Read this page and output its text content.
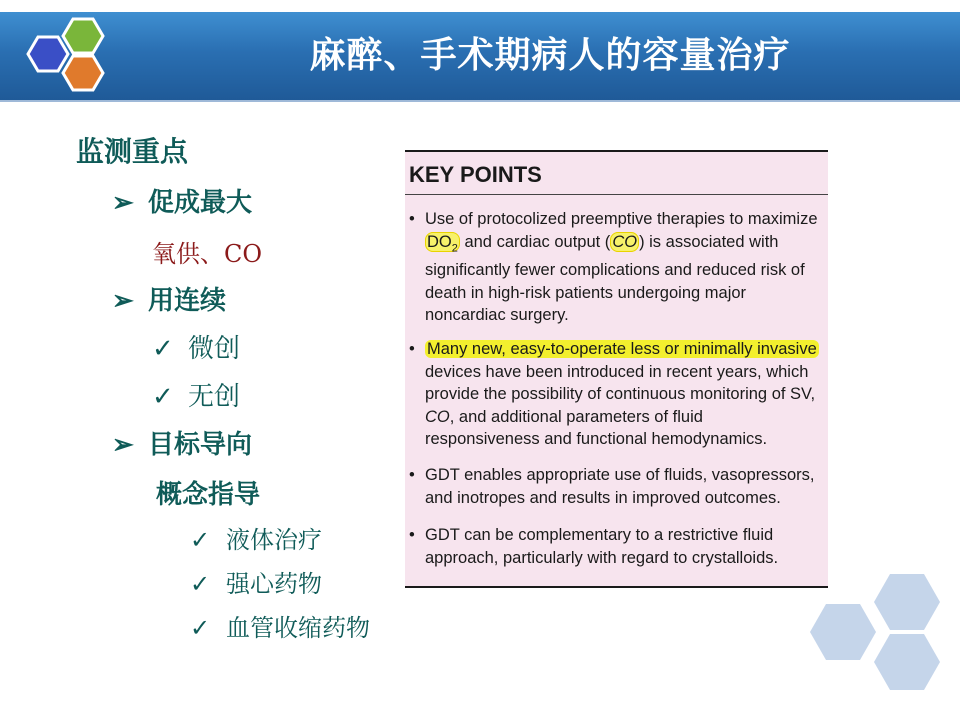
麻醉、手术期病人的容量治疗
监测重点
➢ 促成最大
氧供、CO
➢ 用连续
✓ 微创
✓ 无创
➢ 目标导向
概念指导
✓ 液体治疗
✓ 强心药物
✓ 血管收缩药物
KEY POINTS
• Use of protocolized preemptive therapies to maximize $DO_2$ and cardiac output ( CO ) is associated with significantly fewer complications and reduced risk of death in high-risk patients undergoing major noncardiac surgery.
• Many new, easy-to-operate less or minimally invasive devices have been introduced in recent years, which provide the possibility of continuous monitoring of SV, CO, and additional parameters of fluid responsiveness and functional hemodynamics.
• GDT enables appropriate use of fluids, vasopressors, and inotropes and results in improved outcomes.
• GDT can be complementary to a restrictive fluid approach, particularly with regard to crystalloids.
